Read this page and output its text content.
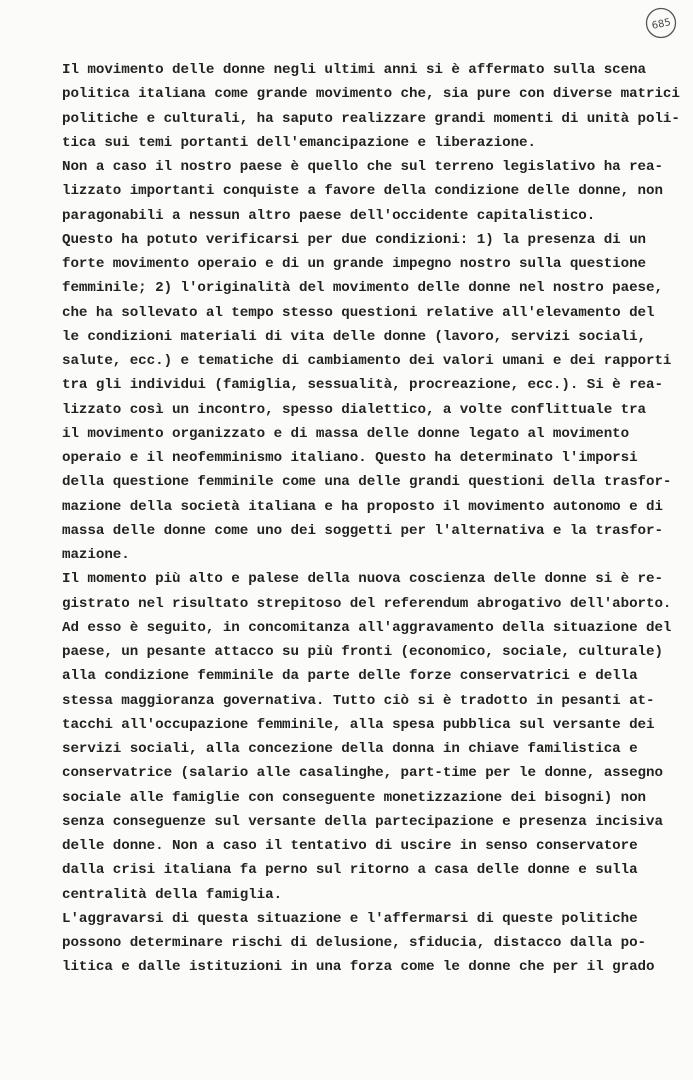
685
Il movimento delle donne negli ultimi anni si è affermato sulla scena
politica italiana come grande movimento che, sia pure con diverse matrici
politiche e culturali, ha saputo realizzare grandi momenti di unità poli-
tica sui temi portanti dell'emancipazione e liberazione.
Non a caso il nostro paese è quello che sul terreno legislativo ha rea-
lizzato importanti conquiste a favore della condizione delle donne, non
paragonabili a nessun altro paese dell'occidente capitalistico.
Questo ha potuto verificarsi per due condizioni: 1) la presenza di un
forte movimento operaio e di un grande impegno nostro sulla questione
femminile; 2) l'originalità del movimento delle donne nel nostro paese,
che ha sollevato al tempo stesso questioni relative all'elevamento del
le condizioni materiali di vita delle donne (lavoro, servizi sociali,
salute, ecc.) e tematiche di cambiamento dei valori umani e dei rapporti
tra gli individui (famiglia, sessualità, procreazione, ecc.). Si è rea-
lizzato così un incontro, spesso dialettico, a volte conflittuale tra
il movimento organizzato e di massa delle donne legato al movimento
operaio e il neofemminismo italiano. Questo ha determinato l'imporsi
della questione femminile come una delle grandi questioni della trasfor-
mazione della società italiana e ha proposto il movimento autonomo e di
massa delle donne come uno dei soggetti per l'alternativa e la trasfor-
mazione.
Il momento più alto e palese della nuova coscienza delle donne si è re-
gistrato nel risultato strepitoso del referendum abrogativo dell'aborto.
Ad esso è seguito, in concomitanza all'aggravamento della situazione del
paese, un pesante attacco su più fronti (economico, sociale, culturale)
alla condizione femminile da parte delle forze conservatrici e della
stessa maggioranza governativa. Tutto ciò si è tradotto in pesanti at-
tacchi all'occupazione femminile, alla spesa pubblica sul versante dei
servizi sociali, alla concezione della donna in chiave familistica e
conservatrice (salario alle casalinghe, part-time per le donne, assegno
sociale alle famiglie con conseguente monetizzazione dei bisogni) non
senza conseguenze sul versante della partecipazione e presenza incisiva
delle donne. Non a caso il tentativo di uscire in senso conservatore
dalla crisi italiana fa perno sul ritorno a casa delle donne e sulla
centralità della famiglia.
L'aggravarsi di questa situazione e l'affermarsi di queste politiche
possono determinare rischi di delusione, sfiducia, distacco dalla po-
litica e dalle istituzioni in una forza come le donne che per il grado
